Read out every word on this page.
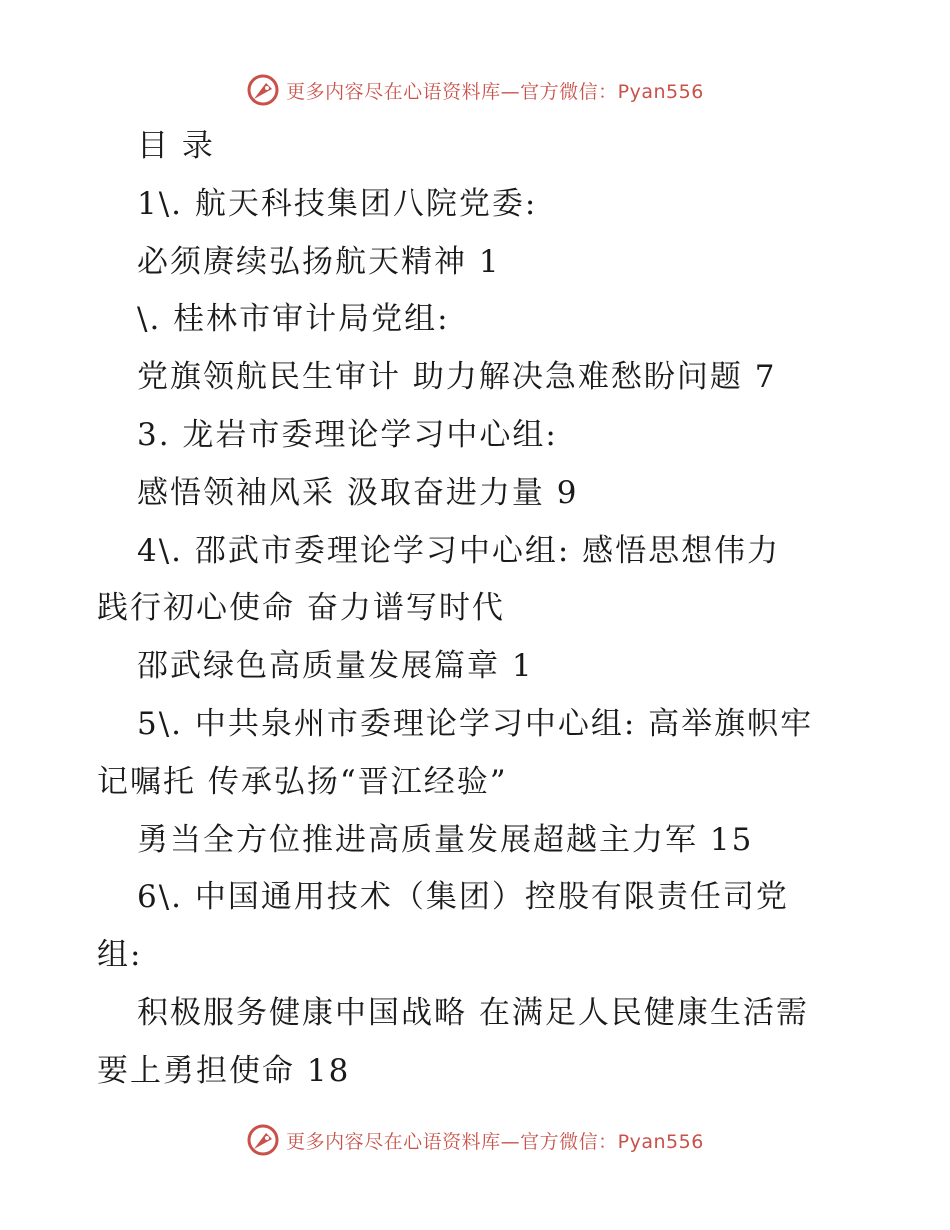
更多内容尽在心语资料库—官方微信：Pyan556
目 录
1\. 航天科技集团八院党委:
必须赓续弘扬航天精神 1
\. 桂林市审计局党组:
党旗领航民生审计 助力解决急难愁盼问题 7
3. 龙岩市委理论学习中心组:
感悟领袖风采 汲取奋进力量 9
4\. 邵武市委理论学习中心组: 感悟思想伟力
践行初心使命 奋力谱写时代
邵武绿色高质量发展篇章 1
5\. 中共泉州市委理论学习中心组: 高举旗帜牢
记嘱托 传承弘扬“晋江经验”
勇当全方位推进高质量发展超越主力军 15
6\. 中国通用技术（集团）控股有限责任司党
组:
积极服务健康中国战略 在满足人民健康生活需
要上勇担使命 18
更多内容尽在心语资料库—官方微信：Pyan556
